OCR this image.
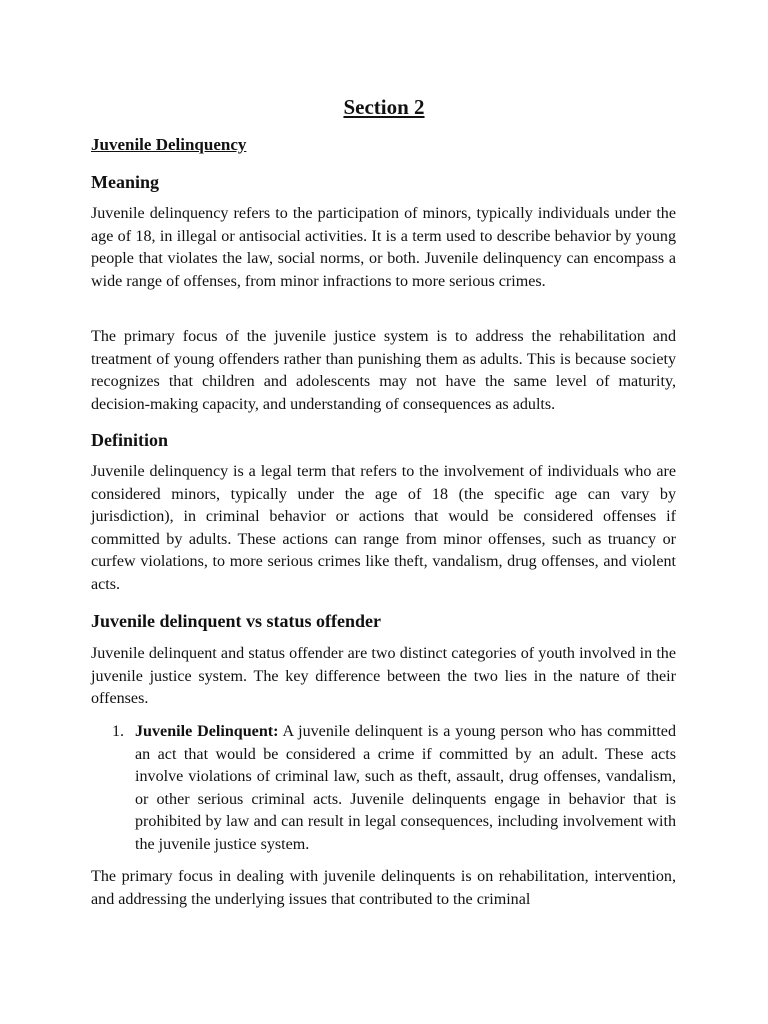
Section 2
Juvenile Delinquency
Meaning

Juvenile delinquency refers to the participation of minors, typically individuals under the age of 18, in illegal or antisocial activities. It is a term used to describe behavior by young people that violates the law, social norms, or both. Juvenile delinquency can encompass a wide range of offenses, from minor infractions to more serious crimes.

The primary focus of the juvenile justice system is to address the rehabilitation and treatment of young offenders rather than punishing them as adults. This is because society recognizes that children and adolescents may not have the same level of maturity, decision-making capacity, and understanding of consequences as adults.

Definition

Juvenile delinquency is a legal term that refers to the involvement of individuals who are considered minors, typically under the age of 18 (the specific age can vary by jurisdiction), in criminal behavior or actions that would be considered offenses if committed by adults. These actions can range from minor offenses, such as truancy or curfew violations, to more serious crimes like theft, vandalism, drug offenses, and violent acts.

Juvenile delinquent vs status offender

Juvenile delinquent and status offender are two distinct categories of youth involved in the juvenile justice system. The key difference between the two lies in the nature of their offenses.

1. Juvenile Delinquent: A juvenile delinquent is a young person who has committed an act that would be considered a crime if committed by an adult. These acts involve violations of criminal law, such as theft, assault, drug offenses, vandalism, or other serious criminal acts. Juvenile delinquents engage in behavior that is prohibited by law and can result in legal consequences, including involvement with the juvenile justice system.

The primary focus in dealing with juvenile delinquents is on rehabilitation, intervention, and addressing the underlying issues that contributed to the criminal
